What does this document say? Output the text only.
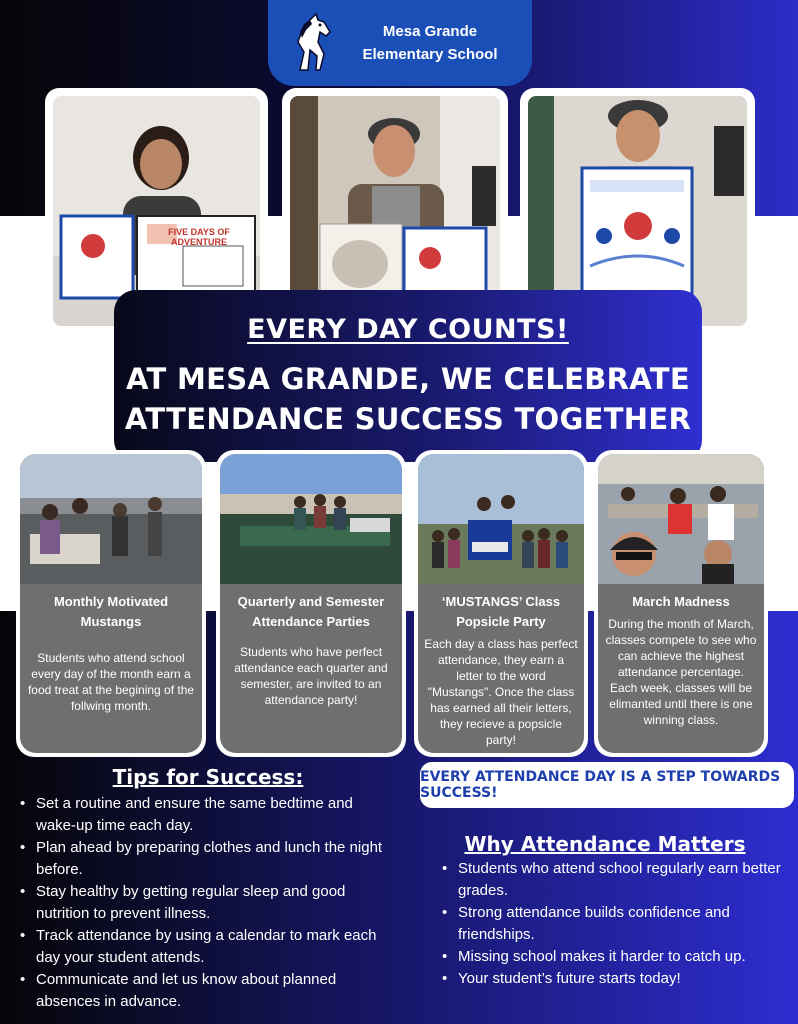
Mesa Grande
Elementary School
FIVE DAYS OF ADVENTURE
EVERY DAY COUNTS!
AT MESA GRANDE, WE CELEBRATE
ATTENDANCE SUCCESS TOGETHER
Monthly Motivated Mustangs
Students who attend school every day of the month earn a food treat at the begining of the follwing month.
Quarterly and Semester Attendance Parties
Students who have perfect attendance each quarter and semester, are invited to an attendance party!
‘MUSTANGS’ Class Popsicle Party
Each day a class has perfect attendance, they earn a letter to the word "Mustangs". Once the class has earned all their letters, they recieve a popsicle party!
March Madness
During the month of March, classes compete to see who can achieve the highest attendance percentage. Each week, classes will be elimanted until there is one winning class.
Tips for Success:
• Set a routine and ensure the same bedtime and wake-up time each day.
• Plan ahead by preparing clothes and lunch the night before.
• Stay healthy by getting regular sleep and good nutrition to prevent illness.
• Track attendance by using a calendar to mark each day your student attends.
• Communicate and let us know about planned absences in advance.
EVERY ATTENDANCE DAY IS A STEP TOWARDS SUCCESS!
Why Attendance Matters
• Students who attend school regularly earn better grades.
• Strong attendance builds confidence and friendships.
• Missing school makes it harder to catch up.
• Your student’s future starts today!
